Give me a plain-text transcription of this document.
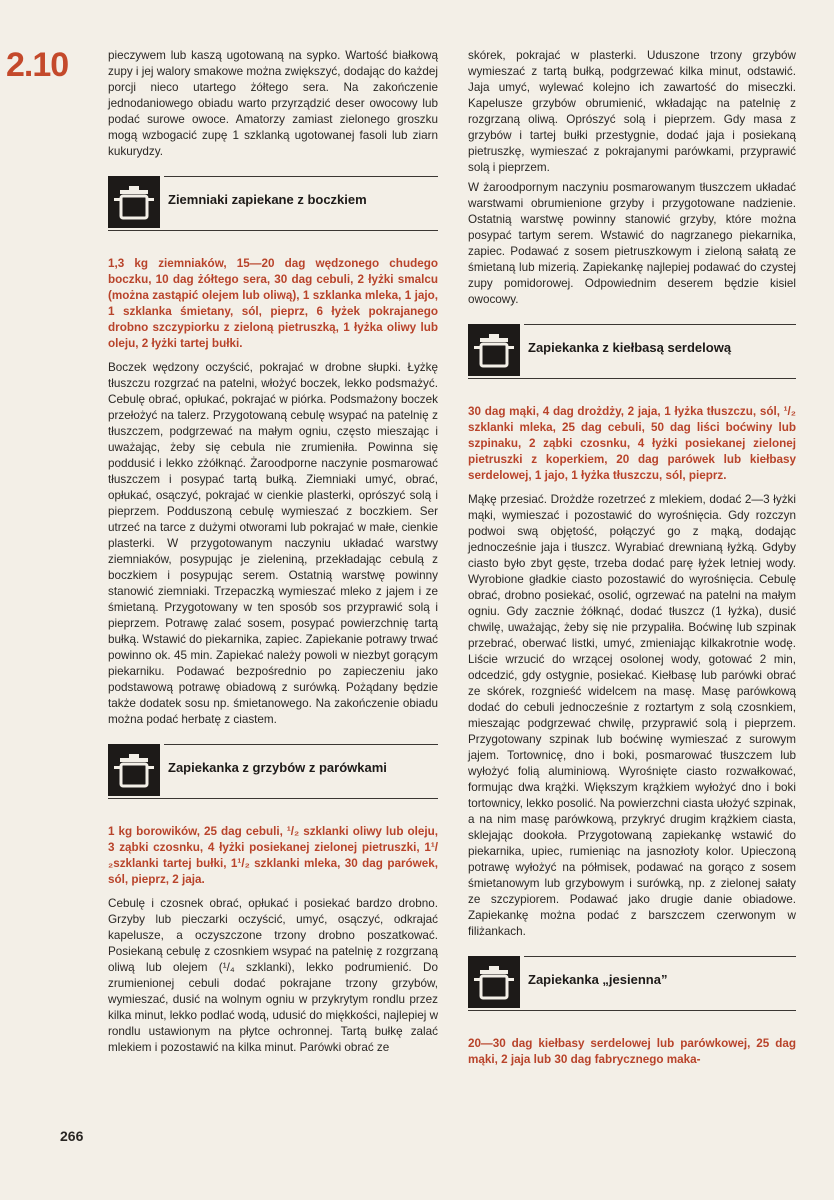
2.10	pieczywem lub kaszą ugotowaną na sypko. Wartość białkową zupy i jej walory smakowe można zwiększyć, dodając do każdej porcji nieco utartego żółtego sera. Na zakończenie jednodaniowego obiadu warto przyrządzić deser owocowy lub podać surowe owoce. Amatorzy zamiast zielonego groszku mogą wzbogacić zupę 1 szklanką ugotowanej fasoli lub ziarn kukurydzy.

Ziemniaki zapiekane z boczkiem

1,3 kg ziemniaków, 15—20 dag wędzonego chudego boczku, 10 dag żółtego sera, 30 dag cebuli, 2 łyżki smalcu (można zastąpić olejem lub oliwą), 1 szklanka mleka, 1 jajo, 1 szklanka śmietany, sól, pieprz, 6 łyżek pokrajanego drobno szczypiorku z zieloną pietruszką, 1 łyżka oliwy lub oleju, 2 łyżki tartej bułki.

Boczek wędzony oczyścić, pokrajać w drobne słupki. Łyżkę tłuszczu rozgrzać na patelni, włożyć boczek, lekko podsmażyć. Cebulę obrać, opłukać, pokrajać w piórka. Podsmażony boczek przełożyć na talerz. Przygotowaną cebulę wsypać na patelnię z tłuszczem, podgrzewać na małym ogniu, często mieszając i uważając, żeby się cebula nie zrumieniła. Powinna się poddusić i lekko zżółknąć. Żaroodporne naczynie posmarować tłuszczem i posypać tartą bułką. Ziemniaki umyć, obrać, opłukać, osączyć, pokrajać w cienkie plasterki, oprószyć solą i pieprzem. Podduszoną cebulę wymieszać z boczkiem. Ser utrzeć na tarce z dużymi otworami lub pokrajać w małe, cienkie plasterki. W przygotowanym naczyniu układać warstwy ziemniaków, posypując je zieleniną, przekładając cebulą z boczkiem i posypując serem. Ostatnią warstwę powinny stanowić ziemniaki. Trzepaczką wymieszać mleko z jajem i ze śmietaną. Przygotowany w ten sposób sos przyprawić solą i pieprzem. Potrawę zalać sosem, posypać powierzchnię tartą bułką. Wstawić do piekarnika, zapiec. Zapiekanie potrawy trwać powinno ok. 45 min. Zapiekać należy powoli w niezbyt gorącym piekarniku. Podawać bezpośrednio po zapieczeniu jako podstawową potrawę obiadową z surówką. Pożądany będzie także dodatek sosu np. śmietanowego. Na zakończenie obiadu można podać herbatę z ciastem.

Zapiekanka z grzybów z parówkami

1 kg borowików, 25 dag cebuli, ¹/₂ szklanki oliwy lub oleju, 3 ząbki czosnku, 4 łyżki posiekanej zielonej pietruszki, 1¹/₂szklanki tartej bułki, 1¹/₂ szklanki mleka, 30 dag parówek, sól, pieprz, 2 jaja.

Cebulę i czosnek obrać, opłukać i posiekać bardzo drobno. Grzyby lub pieczarki oczyścić, umyć, osączyć, odkrajać kapelusze, a oczyszczone trzony drobno poszatkować. Posiekaną cebulę z czosnkiem wsypać na patelnię z rozgrzaną oliwą lub olejem (¹/₄ szklanki), lekko podrumienić. Do zrumienionej cebuli dodać pokrajane trzony grzybów, wymieszać, dusić na wolnym ogniu w przykrytym rondlu przez kilka minut, lekko podlać wodą, udusić do miękkości, najlepiej w rondlu ustawionym na płytce ochronnej. Tartą bułkę zalać mlekiem i pozostawić na kilka minut. Parówki obrać ze

skórek, pokrajać w plasterki. Uduszone trzony grzybów wymieszać z tartą bułką, podgrzewać kilka minut, odstawić. Jaja umyć, wylewać kolejno ich zawartość do miseczki. Kapelusze grzybów obrumienić, wkładając na patelnię z rozgrzaną oliwą. Oprószyć solą i pieprzem. Gdy masa z grzybów i tartej bułki przestygnie, dodać jaja i posiekaną pietruszkę, wymieszać z pokrajanymi parówkami, przyprawić solą i pieprzem.

W żaroodpornym naczyniu posmarowanym tłuszczem układać warstwami obrumienione grzyby i przygotowane nadzienie. Ostatnią warstwę powinny stanowić grzyby, które można posypać tartym serem. Wstawić do nagrzanego piekarnika, zapiec. Podawać z sosem pietruszkowym i zieloną sałatą ze śmietaną lub mizerią. Zapiekankę najlepiej podawać do czystej zupy pomidorowej. Odpowiednim deserem będzie kisiel owocowy.

Zapiekanka z kiełbasą serdelową

30 dag mąki, 4 dag drożdży, 2 jaja, 1 łyżka tłuszczu, sól, ¹/₂ szklanki mleka, 25 dag cebuli, 50 dag liści boćwiny lub szpinaku, 2 ząbki czosnku, 4 łyżki posiekanej zielonej pietruszki z koperkiem, 20 dag parówek lub kiełbasy serdelowej, 1 jajo, 1 łyżka tłuszczu, sól, pieprz.

Mąkę przesiać. Drożdże rozetrzeć z mlekiem, dodać 2—3 łyżki mąki, wymieszać i pozostawić do wyrośnięcia. Gdy rozczyn podwoi swą objętość, połączyć go z mąką, dodając jednocześnie jaja i tłuszcz. Wyrabiać drewnianą łyżką. Gdyby ciasto było zbyt gęste, trzeba dodać parę łyżek letniej wody. Wyrobione gładkie ciasto pozostawić do wyrośnięcia. Cebulę obrać, drobno posiekać, osolić, ogrzewać na patelni na małym ogniu. Gdy zacznie żółknąć, dodać tłuszcz (1 łyżka), dusić chwilę, uważając, żeby się nie przypaliła. Boćwinę lub szpinak przebrać, oberwać listki, umyć, zmieniając kilkakrotnie wodę. Liście wrzucić do wrzącej osolonej wody, gotować 2 min, odcedzić, gdy ostygnie, posiekać. Kiełbasę lub parówki obrać ze skórek, rozgnieść widelcem na masę. Masę parówkową dodać do cebuli jednocześnie z roztartym z solą czosnkiem, mieszając podgrzewać chwilę, przyprawić solą i pieprzem. Przygotowany szpinak lub boćwinę wymieszać z surowym jajem. Tortownicę, dno i boki, posmarować tłuszczem lub wyłożyć folią aluminiową. Wyrośnięte ciasto rozwałkować, formując dwa krążki. Większym krążkiem wyłożyć dno i boki tortownicy, lekko posolić. Na powierzchni ciasta ułożyć szpinak, a na nim masę parówkową, przykryć drugim krążkiem ciasta, sklejając dookoła. Przygotowaną zapiekankę wstawić do piekarnika, upiec, rumieniąc na jasnozłoty kolor. Upieczoną potrawę wyłożyć na półmisek, podawać na gorąco z sosem śmietanowym lub grzybowym i surówką, np. z zielonej sałaty ze szczypiorem. Podawać jako drugie danie obiadowe. Zapiekankę można podać z barszczem czerwonym w filiżankach.

Zapiekanka „jesienna”

20—30 dag kiełbasy serdelowej lub parówkowej, 25 dag mąki, 2 jaja lub 30 dag fabrycznego maka-

266
